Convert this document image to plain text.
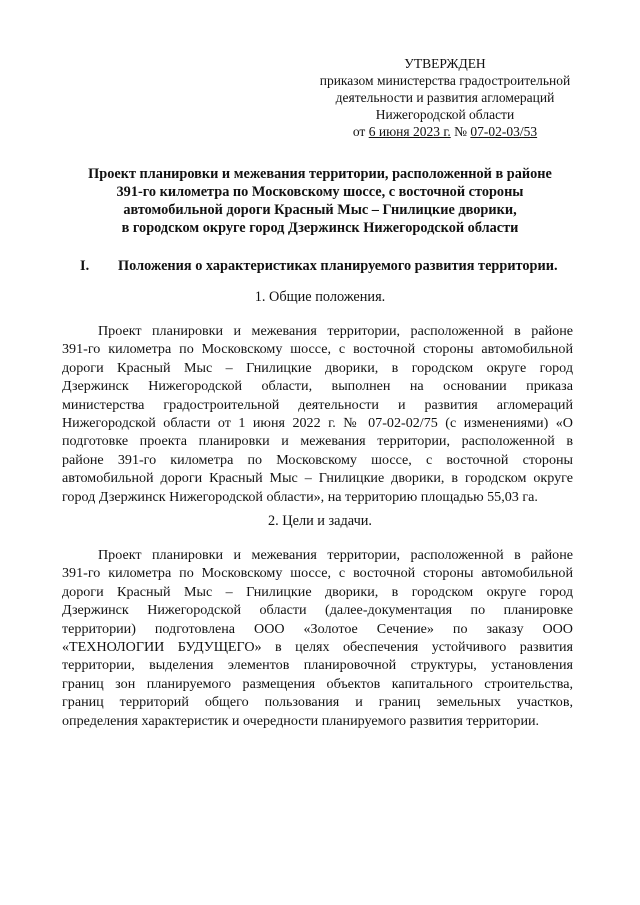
УТВЕРЖДЕН
приказом министерства градостроительной
деятельности и развития агломераций
Нижегородской области
от 6 июня 2023 г. № 07-02-03/53
Проект планировки и межевания территории, расположенной в районе
391-го километра по Московскому шоссе, с восточной стороны
автомобильной дороги Красный Мыс – Гнилицкие дворики,
в городском округе город Дзержинск Нижегородской области
I. Положения о характеристиках планируемого развития территории.
1. Общие положения.
Проект планировки и межевания территории, расположенной в районе
391-го километра по Московскому шоссе, с восточной стороны автомобильной
дороги Красный Мыс – Гнилицкие дворики, в городском округе город
Дзержинск Нижегородской области, выполнен на основании приказа
министерства градостроительной деятельности и развития агломераций
Нижегородской области от 1 июня 2022 г. № 07-02-02/75 (с изменениями) «О
подготовке проекта планировки и межевания территории, расположенной в
районе 391-го километра по Московскому шоссе, с восточной стороны
автомобильной дороги Красный Мыс – Гнилицкие дворики, в городском округе
город Дзержинск Нижегородской области», на территорию площадью 55,03 га.
2. Цели и задачи.
Проект планировки и межевания территории, расположенной в районе
391-го километра по Московскому шоссе, с восточной стороны автомобильной
дороги Красный Мыс – Гнилицкие дворики, в городском округе город
Дзержинск Нижегородской области (далее-документация по планировке
территории) подготовлена ООО «Золотое Сечение» по заказу ООО
«ТЕХНОЛОГИИ БУДУЩЕГО» в целях обеспечения устойчивого развития
территории, выделения элементов планировочной структуры, установления
границ зон планируемого размещения объектов капитального строительства,
границ территорий общего пользования и границ земельных участков,
определения характеристик и очередности планируемого развития территории.
